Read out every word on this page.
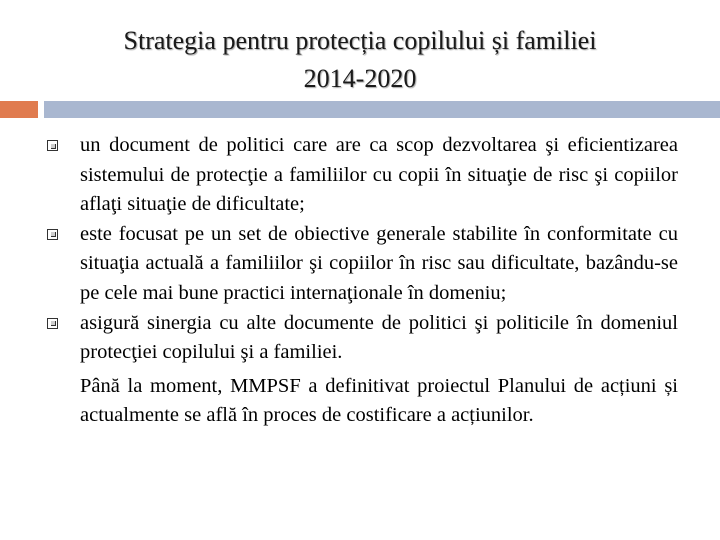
Strategia pentru protecția copilului și familiei
2014-2020
un document de politici care are ca scop dezvoltarea şi eficientizarea sistemului de protecţie a familiilor cu copii în situaţie de risc şi copiilor aflaţi situaţie de dificultate;
este focusat pe un set de obiective generale stabilite în conformitate cu situaţia actuală a familiilor şi copiilor în risc sau dificultate, bazându-se pe cele mai bune practici internaţionale în domeniu;
asigură sinergia cu alte documente de politici şi politicile în domeniul protecţiei copilului şi a familiei.
Până la moment, MMPSF a definitivat proiectul Planului de acțiuni și actualmente se află în proces de costificare a acțiunilor.
